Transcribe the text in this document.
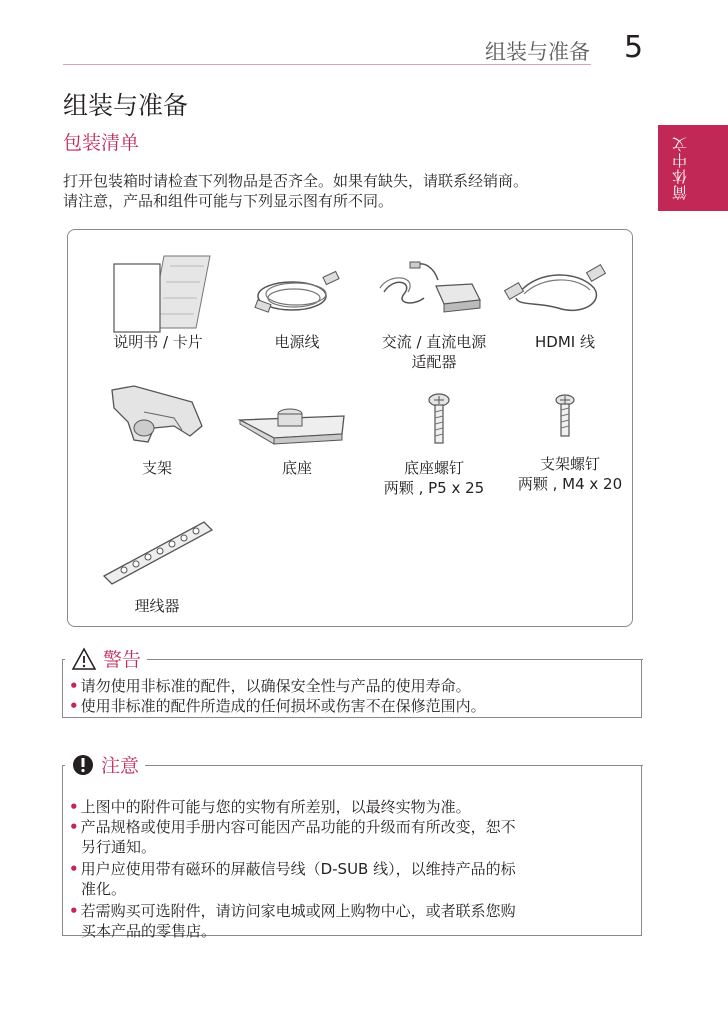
组装与准备 5
简体中文
组装与准备
包装清单
打开包装箱时请检查下列物品是否齐全。如果有缺失，请联系经销商。
请注意，产品和组件可能与下列显示图有所不同。
说明书 / 卡片	电源线	交流 / 直流电源
适配器
HDMI 线
支架	底座	底座螺钉
两颗 , P5 x 25
支架螺钉
两颗 , M4 x 20
理线器
警告
• 请勿使用非标准的配件，以确保安全性与产品的使用寿命。
• 使用非标准的配件所造成的任何损坏或伤害不在保修范围内。
注意
• 上图中的附件可能与您的实物有所差别，以最终实物为准。
• 产品规格或使用手册内容可能因产品功能的升级而有所改变，恕不
另行通知。
• 用户应使用带有磁环的屏蔽信号线（D-SUB 线），以维持产品的标
准化。
• 若需购买可选附件，请访问家电城或网上购物中心，或者联系您购
买本产品的零售店。
